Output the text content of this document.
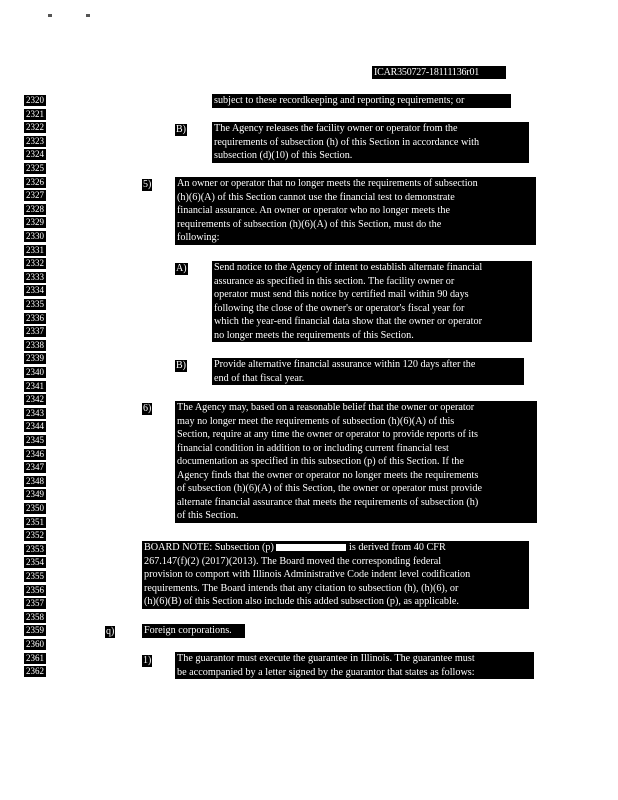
ICAR350727-18111136r01
2320
2321
2322
2323
2324
2325
2326
2327
2328
2329
2330
2331
2332
2333
2334
2335
2336
2337
2338
2339
2340
2341
2342
2343
2344
2345
2346
2347
2348
2349
2350
2351
2352
2353
2354
2355
2356
2357
2358
2359
2360
2361
2362
subject to these recordkeeping and reporting requirements; or
B)	The Agency releases the facility owner or operator from the
requirements of subsection (h) of this Section in accordance with
subsection (d)(10) of this Section.
5)	An owner or operator that no longer meets the requirements of subsection
(h)(6)(A) of this Section cannot use the financial test to demonstrate
financial assurance. An owner or operator who no longer meets the
requirements of subsection (h)(6)(A) of this Section, must do the
following:
A)	Send notice to the Agency of intent to establish alternate financial
assurance as specified in this section. The facility owner or
operator must send this notice by certified mail within 90 days
following the close of the owner's or operator's fiscal year for
which the year-end financial data show that the owner or operator
no longer meets the requirements of this Section.
B)	Provide alternative financial assurance within 120 days after the
end of that fiscal year.
6)	The Agency may, based on a reasonable belief that the owner or operator
may no longer meet the requirements of subsection (h)(6)(A) of this
Section, require at any time the owner or operator to provide reports of its
financial condition in addition to or including current financial test
documentation as specified in this subsection (p) of this Section. If the
Agency finds that the owner or operator no longer meets the requirements
of subsection (h)(6)(A) of this Section, the owner or operator must provide
alternate financial assurance that meets the requirements of subsection (h)
of this Section.
BOARD NOTE: Subsection (p)	is derived from 40 CFR
267.147(f)(2) (2017)(2013). The Board moved the corresponding federal
provision to comport with Illinois Administrative Code indent level codification
requirements. The Board intends that any citation to subsection (h), (h)(6), or
(h)(6)(B) of this Section also include this added subsection (p), as applicable.
q)	Foreign corporations.
1)	The guarantor must execute the guarantee in Illinois. The guarantee must
be accompanied by a letter signed by the guarantor that states as follows:
